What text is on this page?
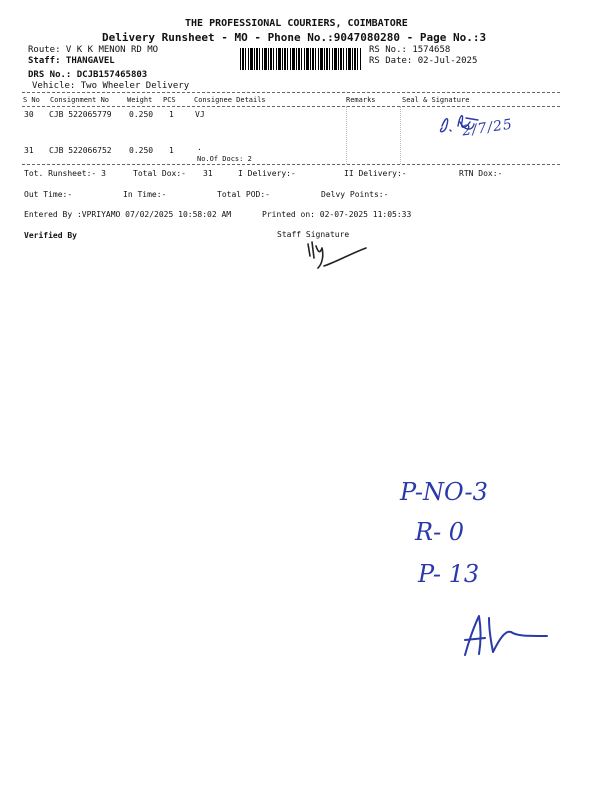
THE PROFESSIONAL COURIERS, COIMBATORE
Delivery Runsheet - MO - Phone No.:9047080280 - Page No.:3
Route: V K K MENON RD MO
Staff: THANGAVEL
DRS No.: DCJB157465803
Vehicle: Two Wheeler Delivery
RS No.: 1574658
RS Date: 02-Jul-2025
S No Consignment No	Weight PCS	Consignee Details	Remarks	Seal & Signature
30 CJB 522065779 0.250 1	VJ
31 CJB 522066752 0.250 1	.
No.Of Docs: 2
2/7/25
Tot. Runsheet:- 3	Total Dox:- 31	I Delivery:-	II Delivery:-	RTN Dox:-
Out Time:-	In Time:-	Total POD:-	Delvy Points:-
Entered By :VPRIYAMO 07/02/2025 10:58:02 AM	Printed on: 02-07-2025 11:05:33
Verified By	Staff Signature
P-NO-3
R- 0
P- 13
